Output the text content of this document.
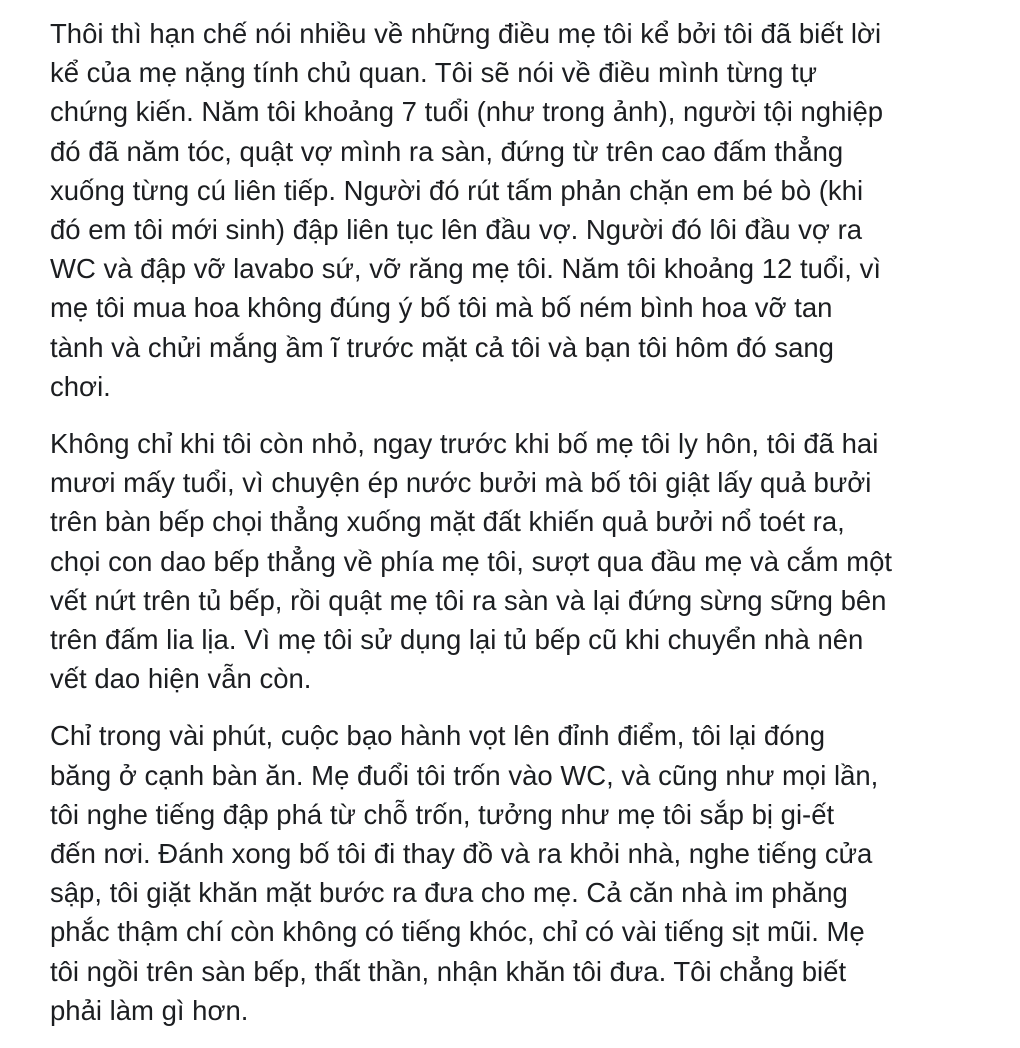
Thôi thì hạn chế nói nhiều về những điều mẹ tôi kể bởi tôi đã biết lời
kể của mẹ nặng tính chủ quan. Tôi sẽ nói về điều mình từng tự
chứng kiến. Năm tôi khoảng 7 tuổi (như trong ảnh), người tội nghiệp
đó đã năm tóc, quật vợ mình ra sàn, đứng từ trên cao đấm thẳng
xuống từng cú liên tiếp. Người đó rút tấm phản chặn em bé bò (khi
đó em tôi mới sinh) đập liên tục lên đầu vợ. Người đó lôi đầu vợ ra
WC và đập vỡ lavabo sứ, vỡ răng mẹ tôi. Năm tôi khoảng 12 tuổi, vì
mẹ tôi mua hoa không đúng ý bố tôi mà bố ném bình hoa vỡ tan
tành và chửi mắng ầm ĩ trước mặt cả tôi và bạn tôi hôm đó sang
chơi.

Không chỉ khi tôi còn nhỏ, ngay trước khi bố mẹ tôi ly hôn, tôi đã hai
mươi mấy tuổi, vì chuyện ép nước bưởi mà bố tôi giật lấy quả bưởi
trên bàn bếp chọi thẳng xuống mặt đất khiến quả bưởi nổ toét ra,
chọi con dao bếp thẳng về phía mẹ tôi, sượt qua đầu mẹ và cắm một
vết nứt trên tủ bếp, rồi quật mẹ tôi ra sàn và lại đứng sừng sững bên
trên đấm lia lịa. Vì mẹ tôi sử dụng lại tủ bếp cũ khi chuyển nhà nên
vết dao hiện vẫn còn.

Chỉ trong vài phút, cuộc bạo hành vọt lên đỉnh điểm, tôi lại đóng
băng ở cạnh bàn ăn. Mẹ đuổi tôi trốn vào WC, và cũng như mọi lần,
tôi nghe tiếng đập phá từ chỗ trốn, tưởng như mẹ tôi sắp bị gi-ết
đến nơi. Đánh xong bố tôi đi thay đồ và ra khỏi nhà, nghe tiếng cửa
sập, tôi giặt khăn mặt bước ra đưa cho mẹ. Cả căn nhà im phăng
phắc thậm chí còn không có tiếng khóc, chỉ có vài tiếng sịt mũi. Mẹ
tôi ngồi trên sàn bếp, thất thần, nhận khăn tôi đưa. Tôi chẳng biết
phải làm gì hơn.
